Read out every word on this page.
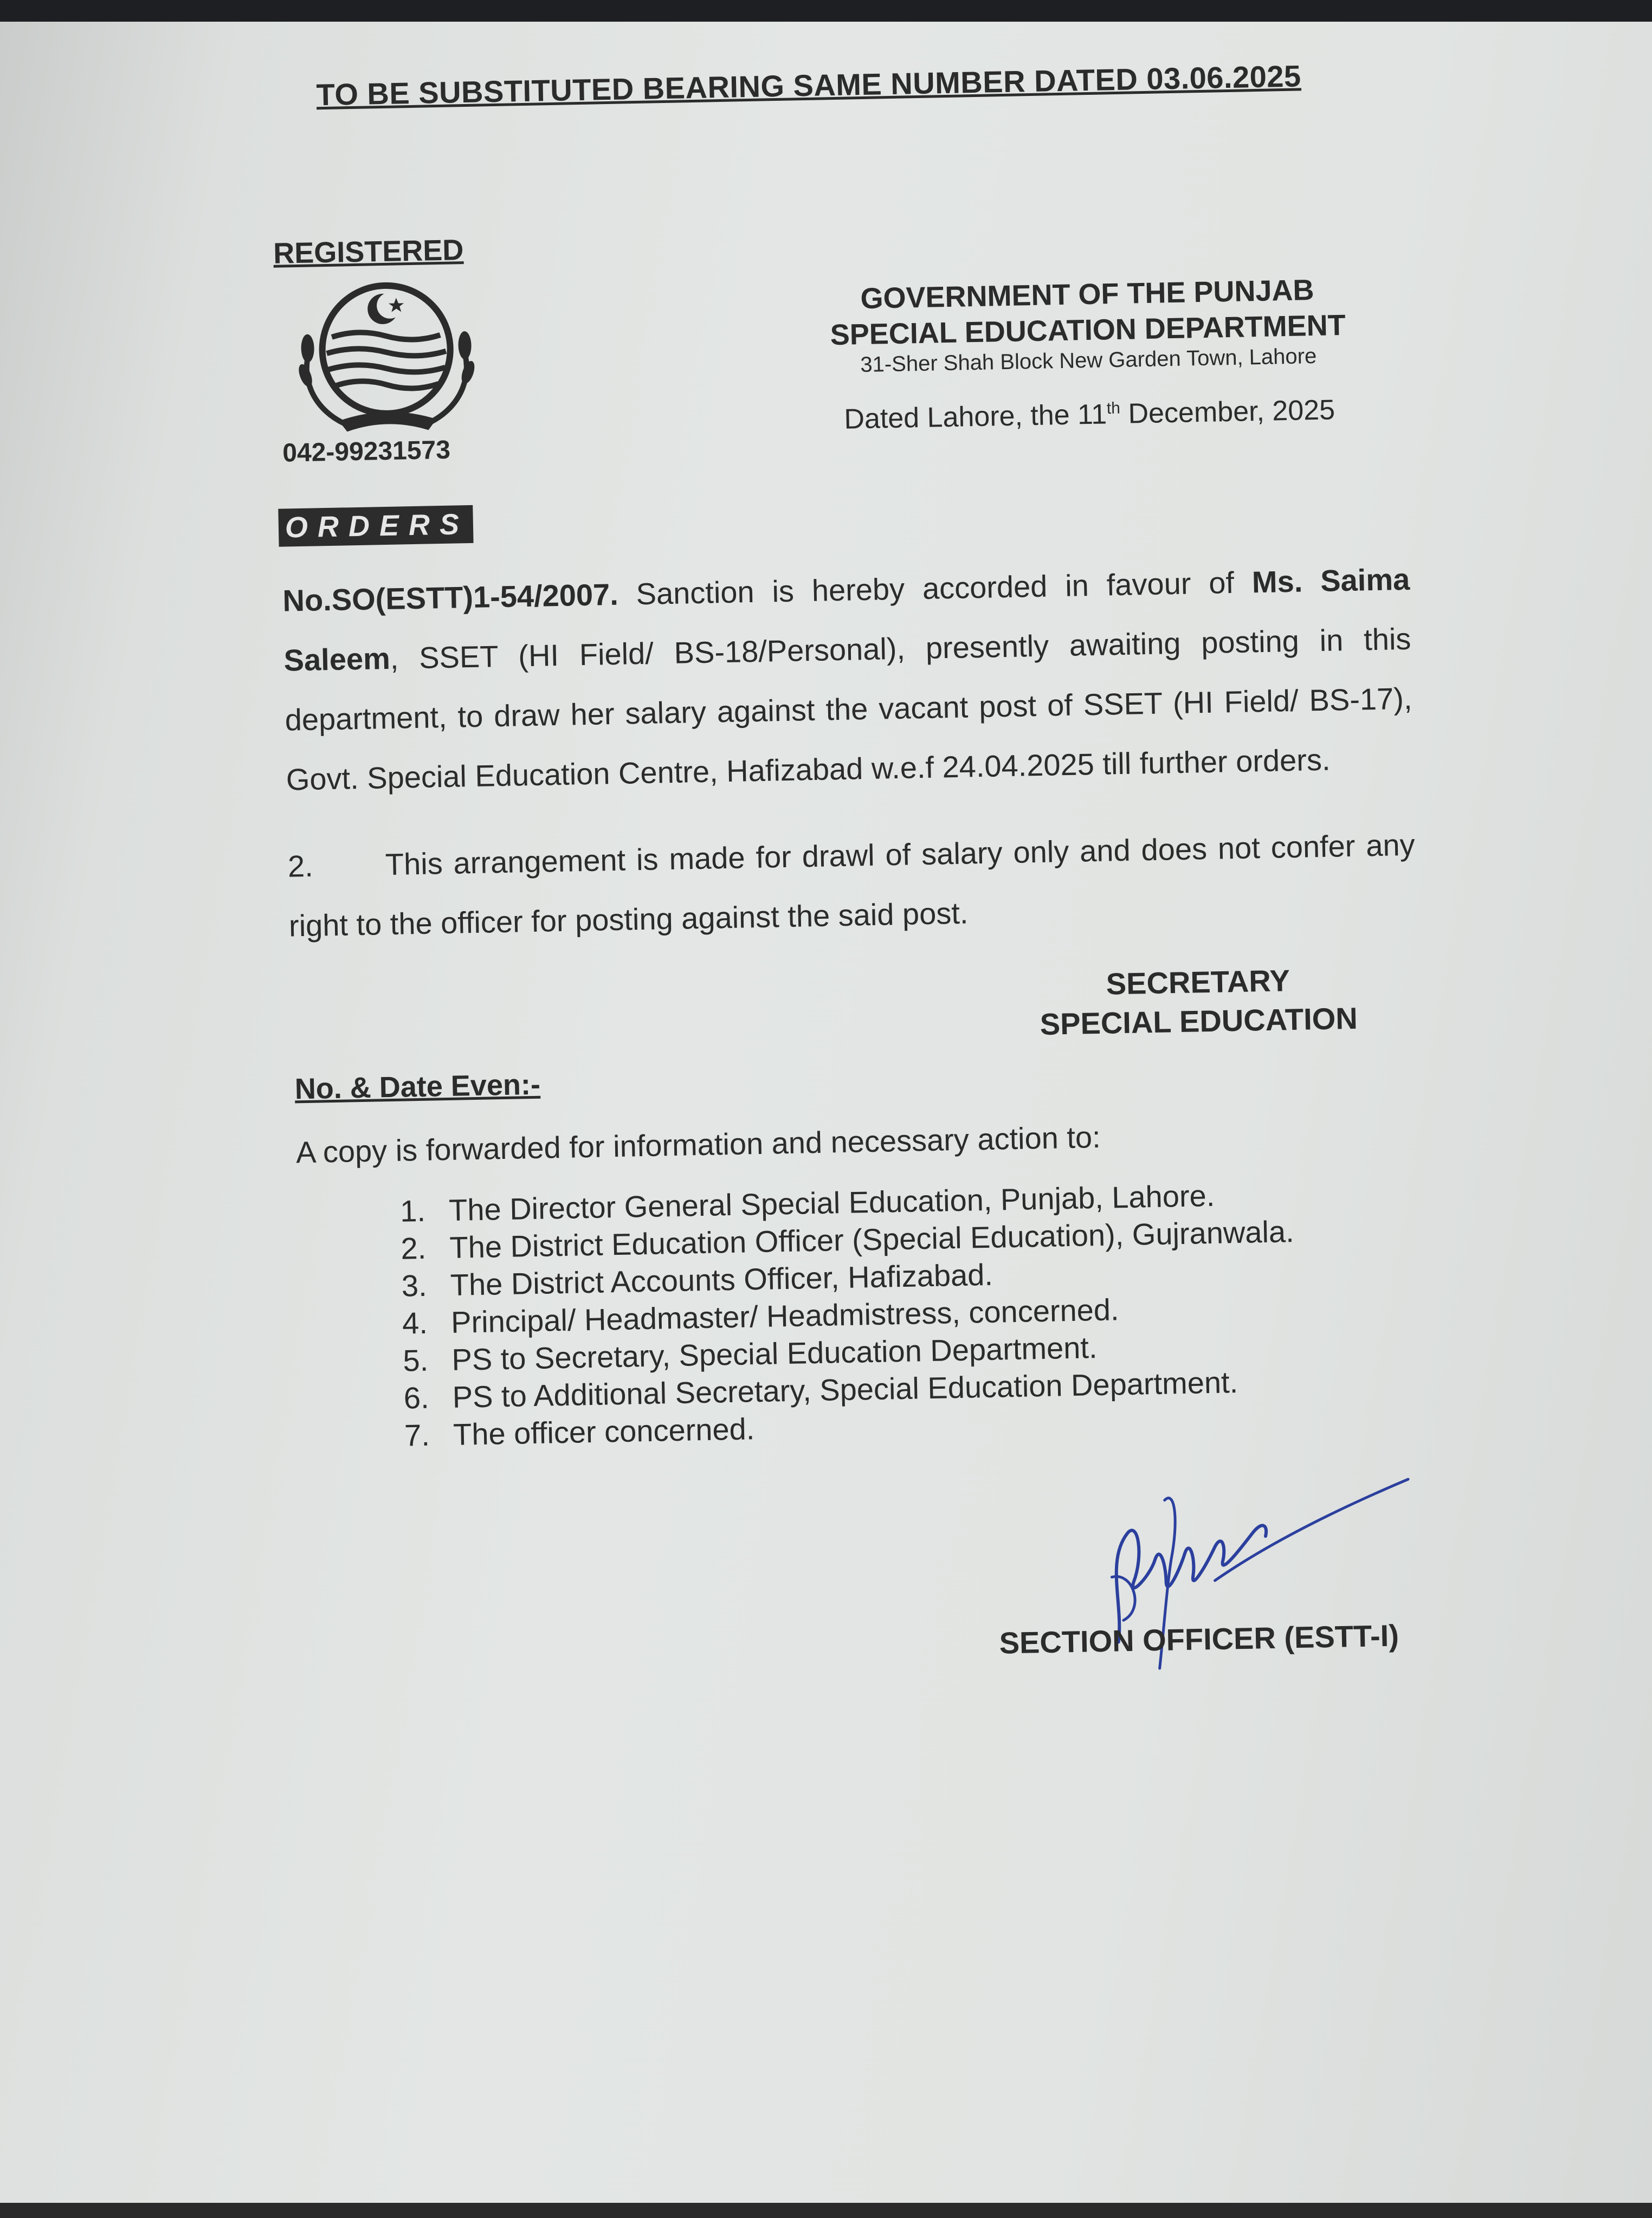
TO BE SUBSTITUTED BEARING SAME NUMBER DATED 03.06.2025
REGISTERED
042-99231573
GOVERNMENT OF THE PUNJAB
SPECIAL EDUCATION DEPARTMENT
31-Sher Shah Block New Garden Town, Lahore
Dated Lahore, the 11th December, 2025
ORDERS
No.SO(ESTT)1-54/2007. Sanction is hereby accorded in favour of Ms. Saima Saleem, SSET (HI Field/ BS-18/Personal), presently awaiting posting in this department, to draw her salary against the vacant post of SSET (HI Field/ BS-17), Govt. Special Education Centre, Hafizabad w.e.f 24.04.2025 till further orders.
2. This arrangement is made for drawl of salary only and does not confer any right to the officer for posting against the said post.
SECRETARY
SPECIAL EDUCATION
No. & Date Even:-
A copy is forwarded for information and necessary action to:
1. The Director General Special Education, Punjab, Lahore.
2. The District Education Officer (Special Education), Gujranwala.
3. The District Accounts Officer, Hafizabad.
4. Principal/ Headmaster/ Headmistress, concerned.
5. PS to Secretary, Special Education Department.
6. PS to Additional Secretary, Special Education Department.
7. The officer concerned.
SECTION OFFICER (ESTT-I)
